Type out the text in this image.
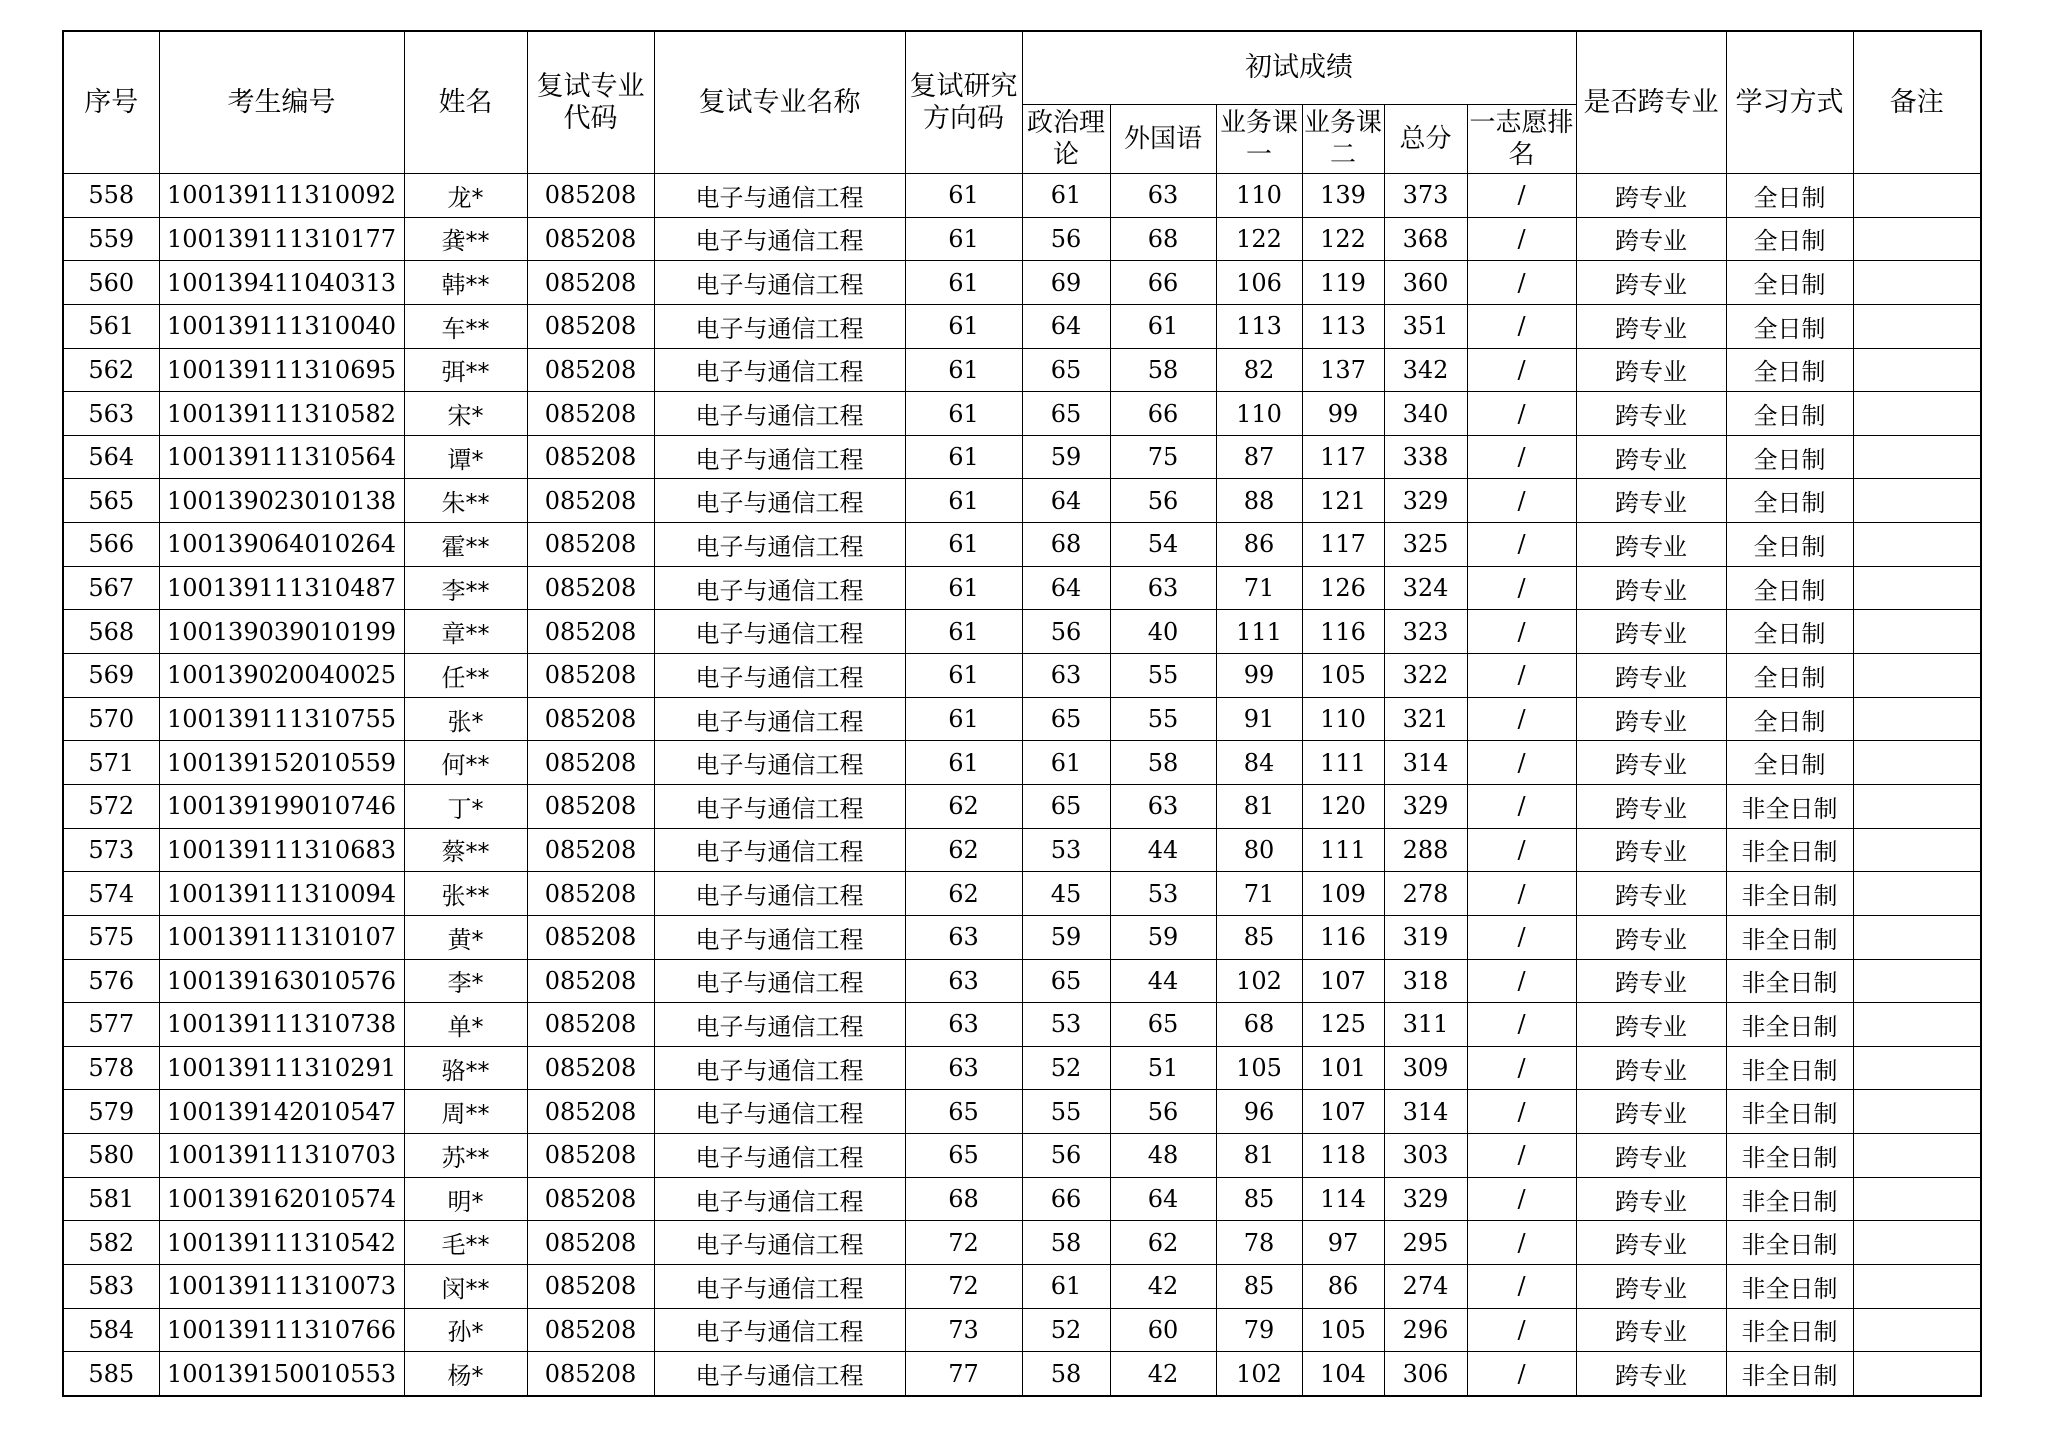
序号	考生编号	姓名	复试专业代码	复试专业名称	复试研究方向码	初试成绩						是否跨专业	学习方式	备注
						政治理论	外国语	业务课一	业务课二	总分	一志愿排名			
558	100139111310092	龙*	085208	电子与通信工程	61	61	63	110	139	373	/	跨专业	全日制	
559	100139111310177	龚**	085208	电子与通信工程	61	56	68	122	122	368	/	跨专业	全日制	
560	100139411040313	韩**	085208	电子与通信工程	61	69	66	106	119	360	/	跨专业	全日制	
561	100139111310040	车**	085208	电子与通信工程	61	64	61	113	113	351	/	跨专业	全日制	
562	100139111310695	弭**	085208	电子与通信工程	61	65	58	82	137	342	/	跨专业	全日制	
563	100139111310582	宋*	085208	电子与通信工程	61	65	66	110	99	340	/	跨专业	全日制	
564	100139111310564	谭*	085208	电子与通信工程	61	59	75	87	117	338	/	跨专业	全日制	
565	100139023010138	朱**	085208	电子与通信工程	61	64	56	88	121	329	/	跨专业	全日制	
566	100139064010264	霍**	085208	电子与通信工程	61	68	54	86	117	325	/	跨专业	全日制	
567	100139111310487	李**	085208	电子与通信工程	61	64	63	71	126	324	/	跨专业	全日制	
568	100139039010199	章**	085208	电子与通信工程	61	56	40	111	116	323	/	跨专业	全日制	
569	100139020040025	任**	085208	电子与通信工程	61	63	55	99	105	322	/	跨专业	全日制	
570	100139111310755	张*	085208	电子与通信工程	61	65	55	91	110	321	/	跨专业	全日制	
571	100139152010559	何**	085208	电子与通信工程	61	61	58	84	111	314	/	跨专业	全日制	
572	100139199010746	丁*	085208	电子与通信工程	62	65	63	81	120	329	/	跨专业	非全日制	
573	100139111310683	蔡**	085208	电子与通信工程	62	53	44	80	111	288	/	跨专业	非全日制	
574	100139111310094	张**	085208	电子与通信工程	62	45	53	71	109	278	/	跨专业	非全日制	
575	100139111310107	黄*	085208	电子与通信工程	63	59	59	85	116	319	/	跨专业	非全日制	
576	100139163010576	李*	085208	电子与通信工程	63	65	44	102	107	318	/	跨专业	非全日制	
577	100139111310738	单*	085208	电子与通信工程	63	53	65	68	125	311	/	跨专业	非全日制	
578	100139111310291	骆**	085208	电子与通信工程	63	52	51	105	101	309	/	跨专业	非全日制	
579	100139142010547	周**	085208	电子与通信工程	65	55	56	96	107	314	/	跨专业	非全日制	
580	100139111310703	苏**	085208	电子与通信工程	65	56	48	81	118	303	/	跨专业	非全日制	
581	100139162010574	明*	085208	电子与通信工程	68	66	64	85	114	329	/	跨专业	非全日制	
582	100139111310542	毛**	085208	电子与通信工程	72	58	62	78	97	295	/	跨专业	非全日制	
583	100139111310073	闵**	085208	电子与通信工程	72	61	42	85	86	274	/	跨专业	非全日制	
584	100139111310766	孙*	085208	电子与通信工程	73	52	60	79	105	296	/	跨专业	非全日制	
585	100139150010553	杨*	085208	电子与通信工程	77	58	42	102	104	306	/	跨专业	非全日制	
